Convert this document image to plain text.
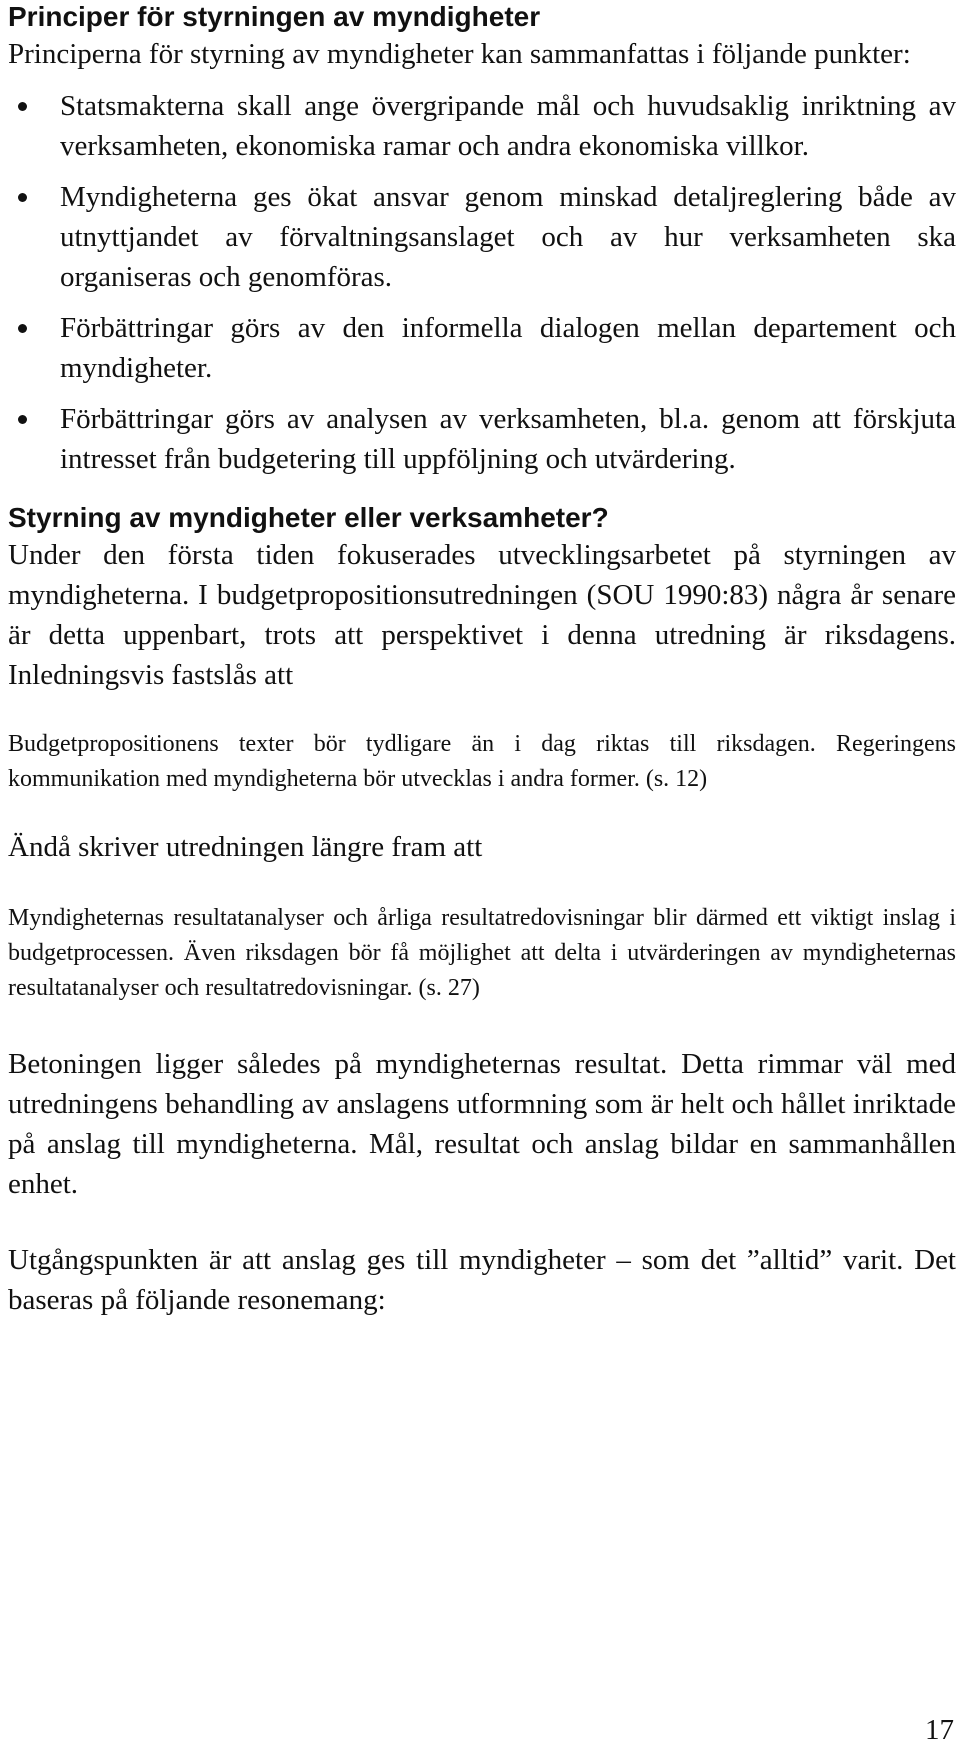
Principer för styrningen av myndigheter

Principerna för styrning av myndigheter kan sammanfattas i följande punkter:

Statsmakterna skall ange övergripande mål och huvudsaklig inriktning av verksamheten, ekonomiska ramar och andra ekonomiska villkor.
Myndigheterna ges ökat ansvar genom minskad detaljreglering både av utnyttjandet av förvaltningsanslaget och av hur verksamheten ska organiseras och genomföras.
Förbättringar görs av den informella dialogen mellan departement och myndigheter.
Förbättringar görs av analysen av verksamheten, bl.a. genom att förskjuta intresset från budgetering till uppföljning och utvärdering.
Styrning av myndigheter eller verksamheter?

Under den första tiden fokuserades utvecklingsarbetet på styrningen av myndigheterna. I budgetpropositionsutredningen (SOU 1990:83) några år senare är detta uppenbart, trots att perspektivet i denna utredning är riksdagens. Inledningsvis fastslås att

Budgetpropositionens texter bör tydligare än i dag riktas till riksdagen. Regeringens kommunikation med myndigheterna bör utvecklas i andra former. (s. 12)

Ändå skriver utredningen längre fram att

Myndigheternas resultatanalyser och årliga resultatredovisningar blir därmed ett viktigt inslag i budgetprocessen. Även riksdagen bör få möjlighet att delta i utvärderingen av myndigheternas resultatanalyser och resultatredovisningar. (s. 27)

Betoningen ligger således på myndigheternas resultat. Detta rimmar väl med utredningens behandling av anslagens utformning som är helt och hållet inriktade på anslag till myndigheterna. Mål, resultat och anslag bildar en sammanhållen enhet.

Utgångspunkten är att anslag ges till myndigheter – som det ”alltid” varit. Det baseras på följande resonemang:

17
